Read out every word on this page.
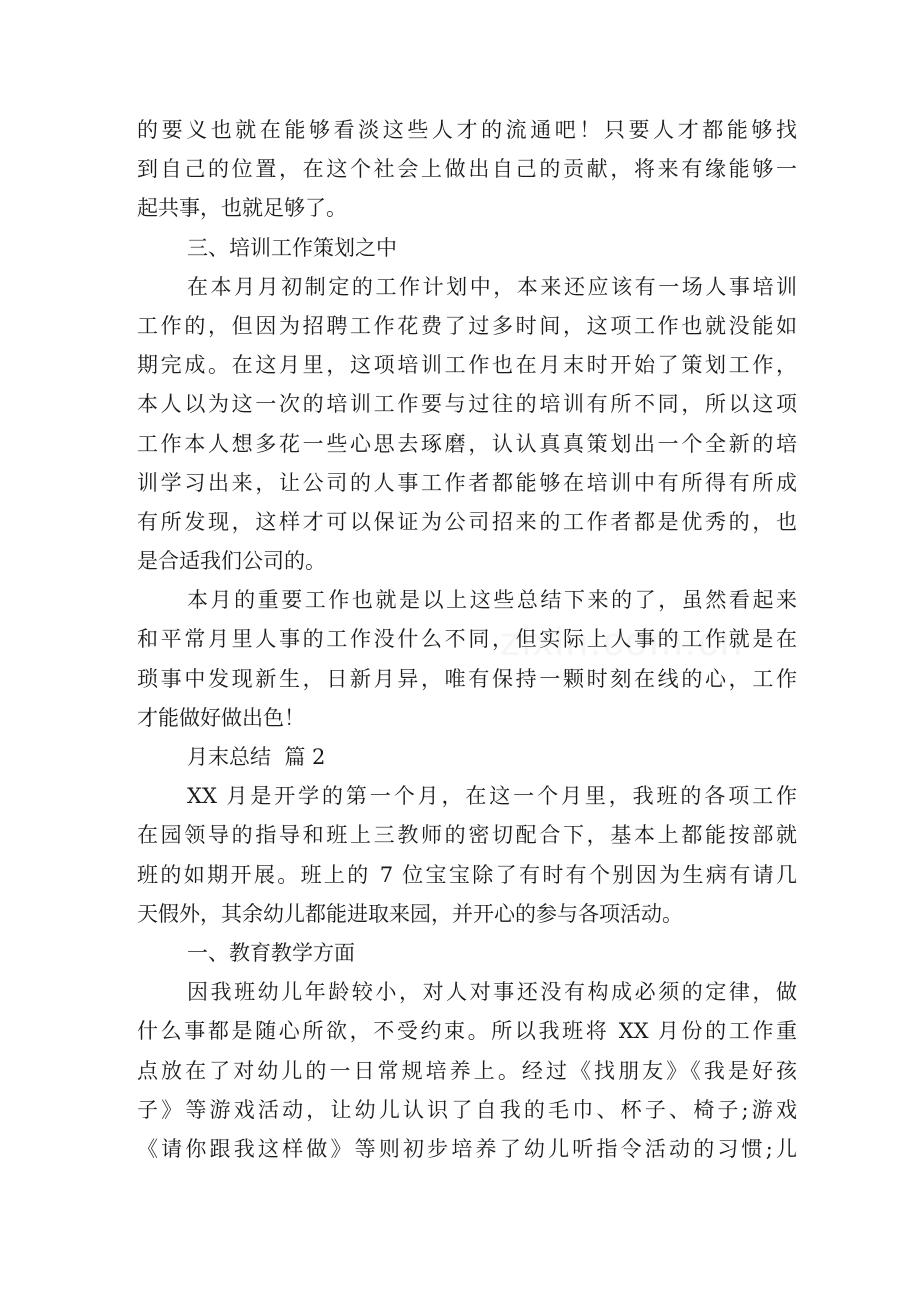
的要义也就在能够看淡这些人才的流通吧！只要人才都能够找
到自己的位置，在这个社会上做出自己的贡献，将来有缘能够一
起共事，也就足够了。
三、培训工作策划之中
在本月月初制定的工作计划中，本来还应该有一场人事培训
工作的，但因为招聘工作花费了过多时间，这项工作也就没能如
期完成。在这月里，这项培训工作也在月末时开始了策划工作，
本人以为这一次的培训工作要与过往的培训有所不同，所以这项
工作本人想多花一些心思去琢磨，认认真真策划出一个全新的培
训学习出来，让公司的人事工作者都能够在培训中有所得有所成
有所发现，这样才可以保证为公司招来的工作者都是优秀的，也
是合适我们公司的。
本月的重要工作也就是以上这些总结下来的了，虽然看起来
和平常月里人事的工作没什么不同，但实际上人事的工作就是在
琐事中发现新生，日新月异，唯有保持一颗时刻在线的心，工作
才能做好做出色！
月末总结  篇 2
XX 月是开学的第一个月，在这一个月里，我班的各项工作
在园领导的指导和班上三教师的密切配合下，基本上都能按部就
班的如期开展。班上的 7 位宝宝除了有时有个别因为生病有请几
天假外，其余幼儿都能进取来园，并开心的参与各项活动。
一、教育教学方面
因我班幼儿年龄较小，对人对事还没有构成必须的定律，做
什么事都是随心所欲，不受约束。所以我班将 XX 月份的工作重
点放在了对幼儿的一日常规培养上。经过《找朋友》《我是好孩
子》等游戏活动，让幼儿认识了自我的毛巾、杯子、椅子;游戏
《请你跟我这样做》等则初步培养了幼儿听指令活动的习惯;儿
